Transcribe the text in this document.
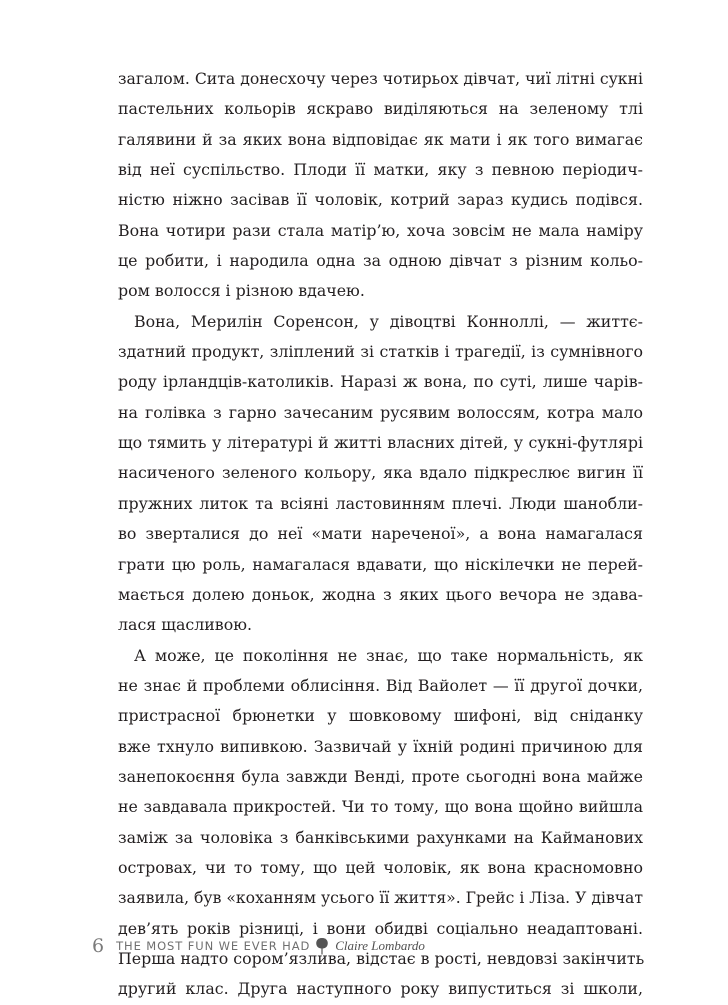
загалом. Сита донесхочу через чотирьох дівчат, чиї літні сукні
пастельних кольорів яскраво виділяються на зеленому тлі
галявини й за яких вона відповідає як мати і як того вимагає
від неї суспільство. Плоди її матки, яку з певною періодич-
ністю ніжно засівав її чоловік, котрий зараз кудись подівся.
Вона чотири рази стала матір’ю, хоча зовсім не мала наміру
це робити, і народила одна за одною дівчат з різним кольо-
ром волосся і різною вдачею.
Вона, Мерилін Соренсон, у дівоцтві Конноллі, — життє-
здатний продукт, зліплений зі статків і трагедії, із сумнівного
роду ірландців-католиків. Наразі ж вона, по суті, лише чарів-
на голівка з гарно зачесаним русявим волоссям, котра мало
що тямить у літературі й житті власних дітей, у сукні-футлярі
насиченого зеленого кольору, яка вдало підкреслює вигин її
пружних литок та всіяні ластовинням плечі. Люди шанобли-
во зверталися до неї «мати нареченої», а вона намагалася
грати цю роль, намагалася вдавати, що ніскілечки не перей-
мається долею доньок, жодна з яких цього вечора не здава-
лася щасливою.
А може, це покоління не знає, що таке нормальність, як
не знає й проблеми облисіння. Від Вайолет — її другої дочки,
пристрасної брюнетки у шовковому шифоні, від сніданку
вже тхнуло випивкою. Зазвичай у їхній родині причиною для
занепокоєння була завжди Венді, проте сьогодні вона майже
не завдавала прикростей. Чи то тому, що вона щойно вийшла
заміж за чоловіка з банківськими рахунками на Кайманових
островах, чи то тому, що цей чоловік, як вона красномовно
заявила, був «коханням усього її життя». Грейс і Ліза. У дівчат
дев’ять років різниці, і вони обидві соціально неадаптовані.
Перша надто сором’язлива, відстає в рості, невдовзі закінчить
другий клас. Друга наступного року випуститься зі школи,
6 THE MOST FUN WE EVER HAD Claire Lombardo
